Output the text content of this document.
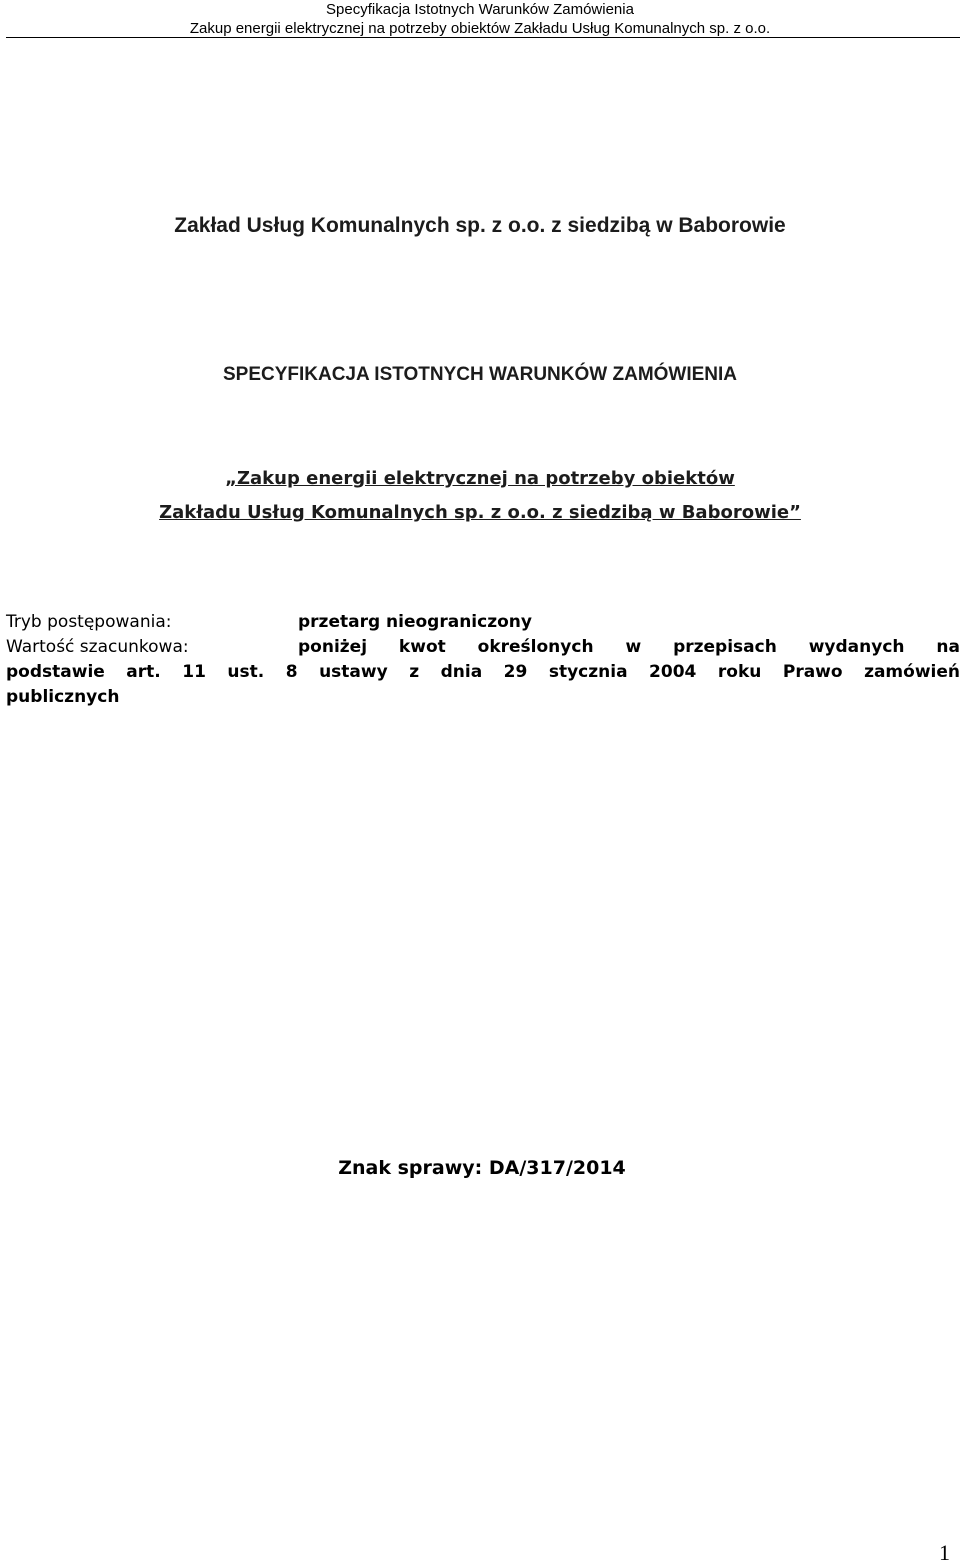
Specyfikacja Istotnych Warunków Zamówienia
Zakup energii elektrycznej na potrzeby obiektów Zakładu Usług Komunalnych sp. z o.o.
Zakład Usług Komunalnych sp. z o.o. z siedzibą w Baborowie
SPECYFIKACJA ISTOTNYCH WARUNKÓW ZAMÓWIENIA
„Zakup energii elektrycznej na potrzeby obiektów
Zakładu Usług Komunalnych sp. z o.o. z siedzibą w Baborowie”
Tryb postępowania:	przetarg nieograniczony
Wartość szacunkowa:	poniżej kwot określonych w przepisach wydanych na
podstawie art. 11 ust. 8 ustawy z dnia 29 stycznia 2004 roku Prawo zamówień
publicznych
Znak sprawy: DA/317/2014
1
